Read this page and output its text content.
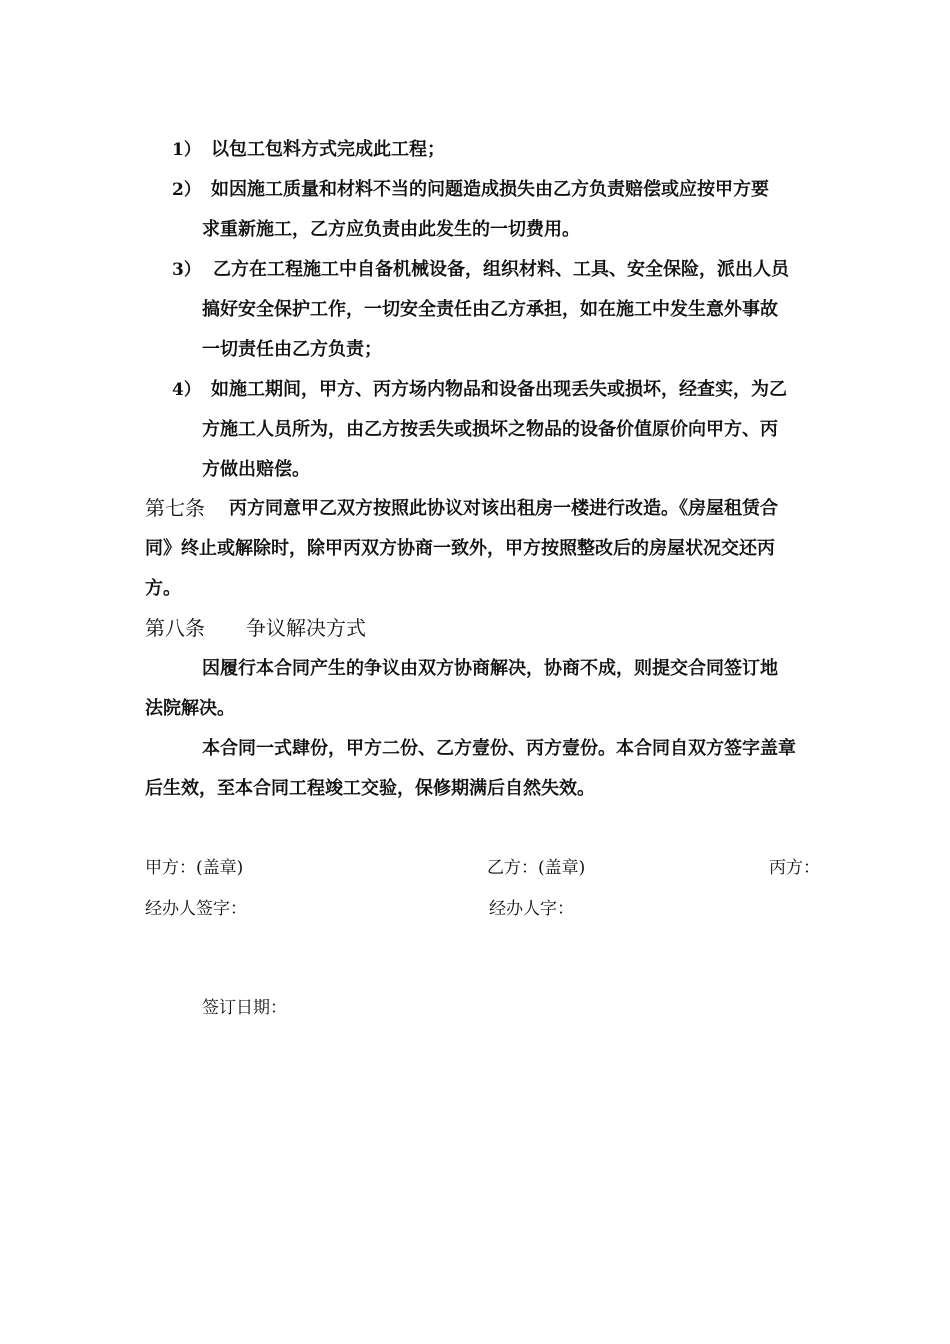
1） 以包工包料方式完成此工程；
2） 如因施工质量和材料不当的问题造成损失由乙方负责赔偿或应按甲方要
求重新施工，乙方应负责由此发生的一切费用。
3） 乙方在工程施工中自备机械设备，组织材料、工具、安全保险，派出人员
搞好安全保护工作，一切安全责任由乙方承担，如在施工中发生意外事故
一切责任由乙方负责；
4） 如施工期间，甲方、丙方场内物品和设备出现丢失或损坏，经查实，为乙
方施工人员所为，由乙方按丢失或损坏之物品的设备价值原价向甲方、丙
方做出赔偿。
第七条 丙方同意甲乙双方按照此协议对该出租房一楼进行改造。《房屋租赁合
同》终止或解除时，除甲丙双方协商一致外，甲方按照整改后的房屋状况交还丙
方。
第八条 争议解决方式
因履行本合同产生的争议由双方协商解决，协商不成，则提交合同签订地
法院解决。
本合同一式肆份，甲方二份、乙方壹份、丙方壹份。本合同自双方签字盖章
后生效，至本合同工程竣工交验，保修期满后自然失效。
甲方：(盖章)	乙方：(盖章)	丙方：
经办人签字：	经办人字：
签订日期：
